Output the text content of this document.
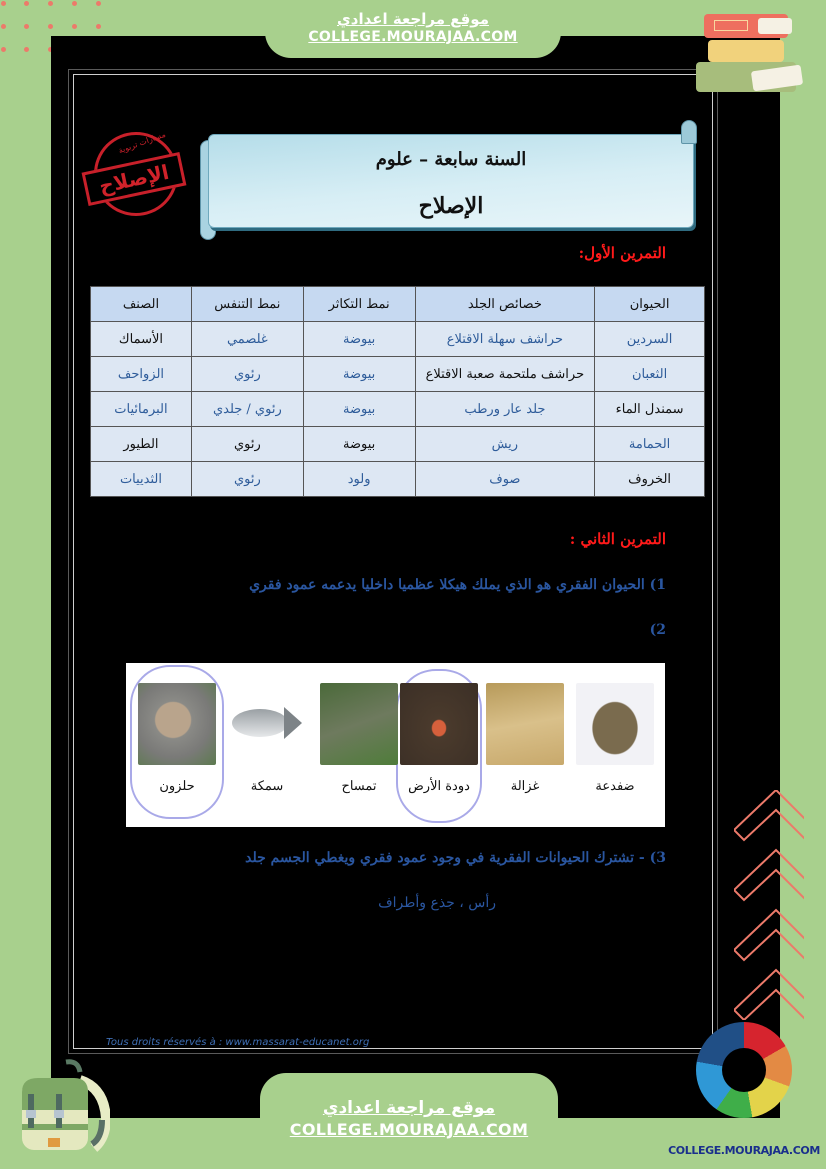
موقع مراجعة اعدادي
COLLEGE.MOURAJAA.COM
مسارات تربوية
الإصلاح
السنة سابعة – علوم
الإصلاح
التمرين الأول:
الحيوان	خصائص الجلد	نمط التكاثر	نمط التنفس	الصنف
السردين	حراشف سهلة الاقتلاع	بيوضة	غلصمي	الأسماك
الثعبان	حراشف ملتحمة صعبة الاقتلاع	بيوضة	رئوي	الزواحف
سمندل الماء	جلد عار ورطب	بيوضة	رئوي / جلدي	البرمائيات
الحمامة	ريش	بيوضة	رئوي	الطيور
الخروف	صوف	ولود	رئوي	الثدييات
التمرين الثاني :
1) الحيوان الفقري هو الذي يملك هيكلا عظميا داخليا يدعمه عمود فقري
2)
حلزون	سمكة	تمساح	دودة الأرض	غزالة	ضفدعة
3) - تشترك الحيوانات الفقرية في وجود عمود فقري ويغطي الجسم جلد
رأس ، جذع وأطراف
Tous droits réservés à : www.massarat-educanet.org
موقع مراجعة اعدادي
COLLEGE.MOURAJAA.COM
COLLEGE.MOURAJAA.COM
